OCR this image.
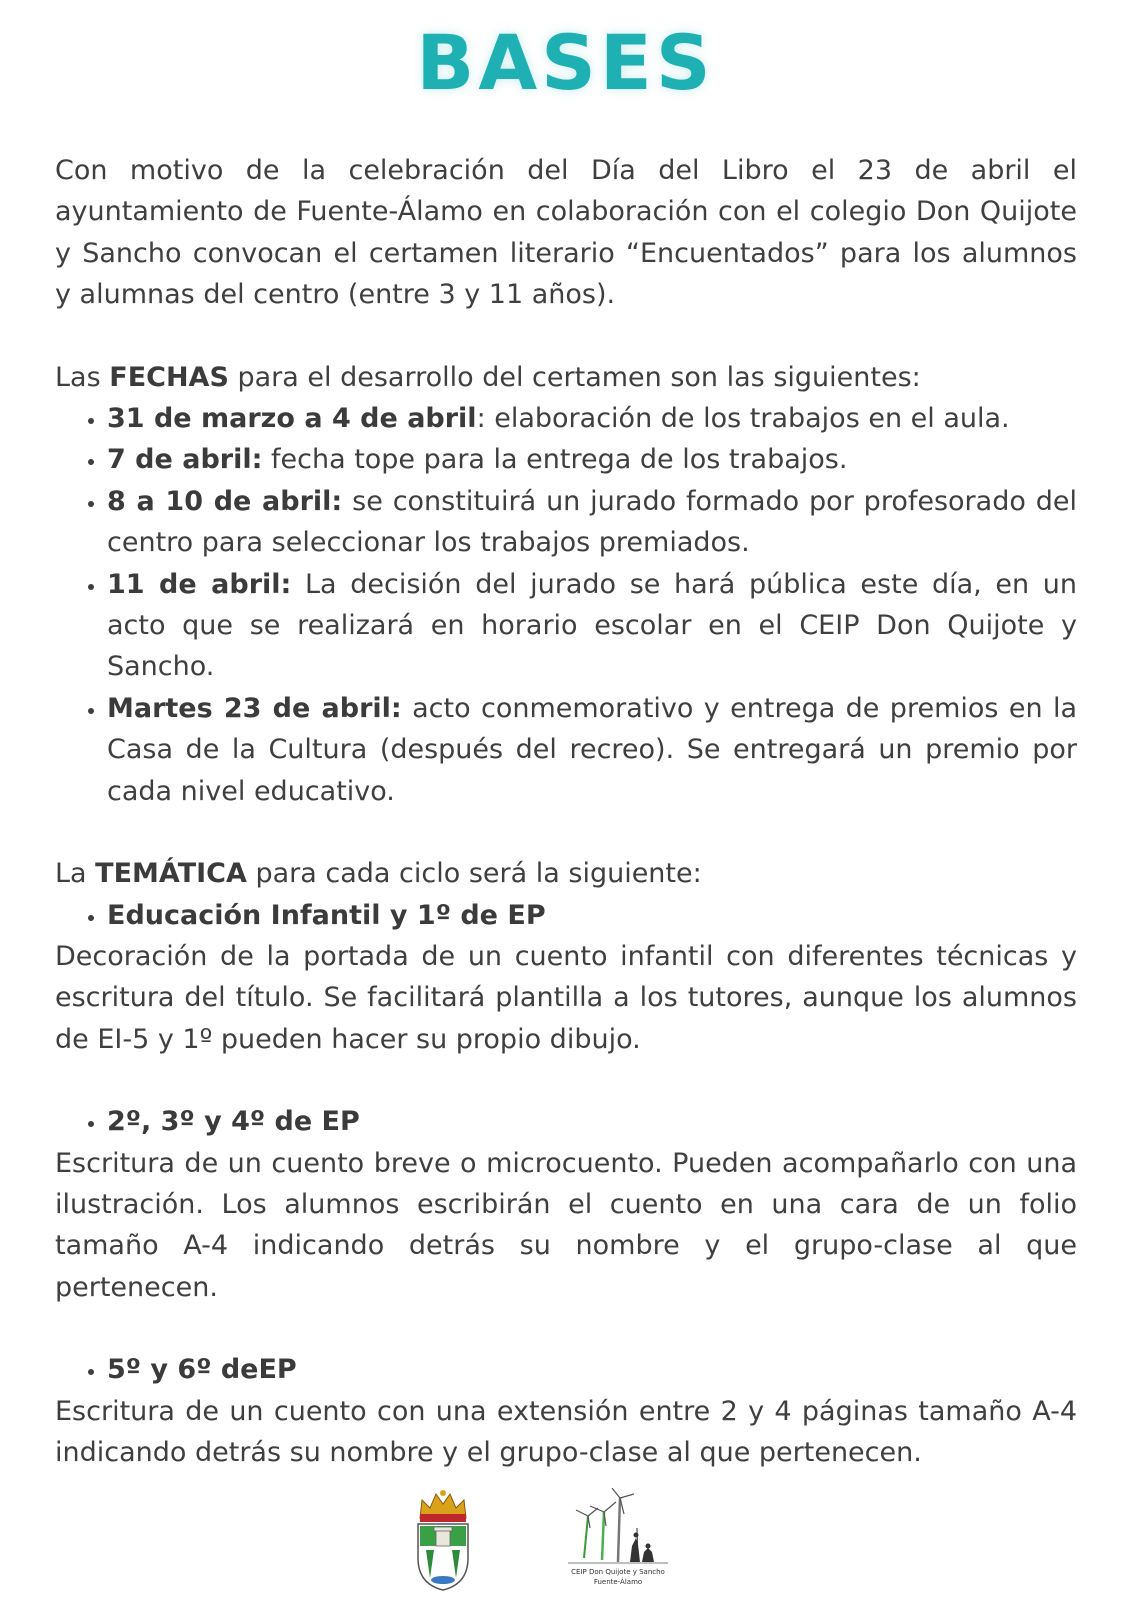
BASES

Con motivo de la celebración del Día del Libro el 23 de abril el ayuntamiento de Fuente-Álamo en colaboración con el colegio Don Quijote y Sancho convocan el certamen literario “Encuentados” para los alumnos y alumnas del centro (entre 3 y 11 años).

Las FECHAS para el desarrollo del certamen son las siguientes:

• 31 de marzo a 4 de abril: elaboración de los trabajos en el aula.
• 7 de abril: fecha tope para la entrega de los trabajos.
• 8 a 10 de abril: se constituirá un jurado formado por profesorado del centro para seleccionar los trabajos premiados.
• 11 de abril: La decisión del jurado se hará pública este día, en un acto que se realizará en horario escolar en el CEIP Don Quijote y Sancho.
• Martes 23 de abril: acto conmemorativo y entrega de premios en la Casa de la Cultura (después del recreo). Se entregará un premio por cada nivel educativo.

La TEMÁTICA para cada ciclo será la siguiente:

• Educación Infantil y 1º de EP

Decoración de la portada de un cuento infantil con diferentes técnicas y escritura del título. Se facilitará plantilla a los tutores, aunque los alumnos de EI-5 y 1º pueden hacer su propio dibujo.

• 2º, 3º y 4º de EP

Escritura de un cuento breve o microcuento. Pueden acompañarlo con una ilustración. Los alumnos escribirán el cuento en una cara de un folio tamaño A-4 indicando detrás su nombre y el grupo-clase al que pertenecen.

• 5º y 6º deEP

Escritura de un cuento con una extensión entre 2 y 4 páginas tamaño A-4 indicando detrás su nombre y el grupo-clase al que pertenecen.

CEIP Don Quijote y Sancho
Fuente-Álamo
